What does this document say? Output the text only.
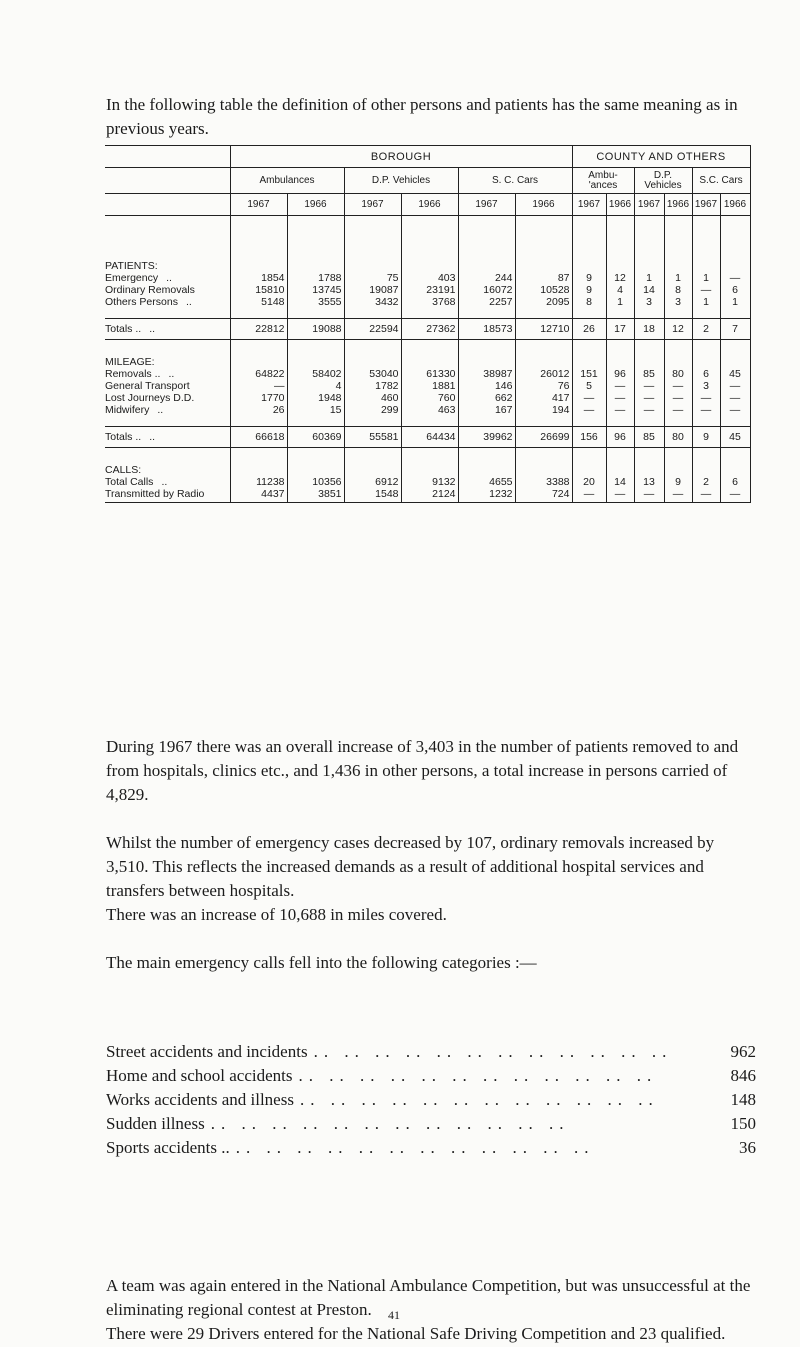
In the following table the definition of other persons and patients has the same meaning as in previous years.

	BOROUGH						COUNTY AND OTHERS					
	Ambulances		D.P. Vehicles		S. C. Cars		Ambu- 'ances		D.P. Vehicles		S.C. Cars	
	1967	1966	1967	1966	1967	1966	1967	1966	1967	1966	1967	1966
PATIENTS:												
Emergency ..	1854	1788	75	403	244	87	9	12	1	1	1	—
Ordinary Removals	15810	13745	19087	23191	16072	10528	9	4	14	8	—	6
Others Persons ..	5148	3555	3432	3768	2257	2095	8	1	3	3	1	1
Totals .. ..	22812	19088	22594	27362	18573	12710	26	17	18	12	2	7
MILEAGE:												
Removals .. ..	64822	58402	53040	61330	38987	26012	151	96	85	80	6	45
General Transport	—	4	1782	1881	146	76	5	—	—	—	3	—
Lost Journeys D.D.	1770	1948	460	760	662	417	—	—	—	—	—	—
Midwifery ..	26	15	299	463	167	194	—	—	—	—	—	—
Totals .. ..	66618	60369	55581	64434	39962	26699	156	96	85	80	9	45
CALLS:												
Total Calls ..	11238	10356	6912	9132	4655	3388	20	14	13	9	2	6
Transmitted by Radio	4437	3851	1548	2124	1232	724	—	—	—	—	—	—

During 1967 there was an overall increase of 3,403 in the number of patients removed to and from hospitals, clinics etc., and 1,436 in other persons, a total increase in persons carried of 4,829.

Whilst the number of emergency cases decreased by 107, ordinary removals increased by 3,510. This reflects the increased demands as a result of additional hospital services and transfers between hospitals.

There was an increase of 10,688 in miles covered.

The main emergency calls fell into the following categories :—

Street accidents and incidents .. .. .. .. .. .. .. .. .. .. .. ..	962
Home and school accidents .. .. .. .. .. .. .. .. .. .. .. ..	846
Works accidents and illness .. .. .. .. .. .. .. .. .. .. .. ..	148
Sudden illness .. .. .. .. .. .. .. .. .. .. .. ..	150
Sports accidents .. .. .. .. .. .. .. .. .. .. .. .. ..	36

A team was again entered in the National Ambulance Competition, but was unsuccessful at the eliminating regional contest at Preston.

There were 29 Drivers entered for the National Safe Driving Competition and 23 qualified.

41
